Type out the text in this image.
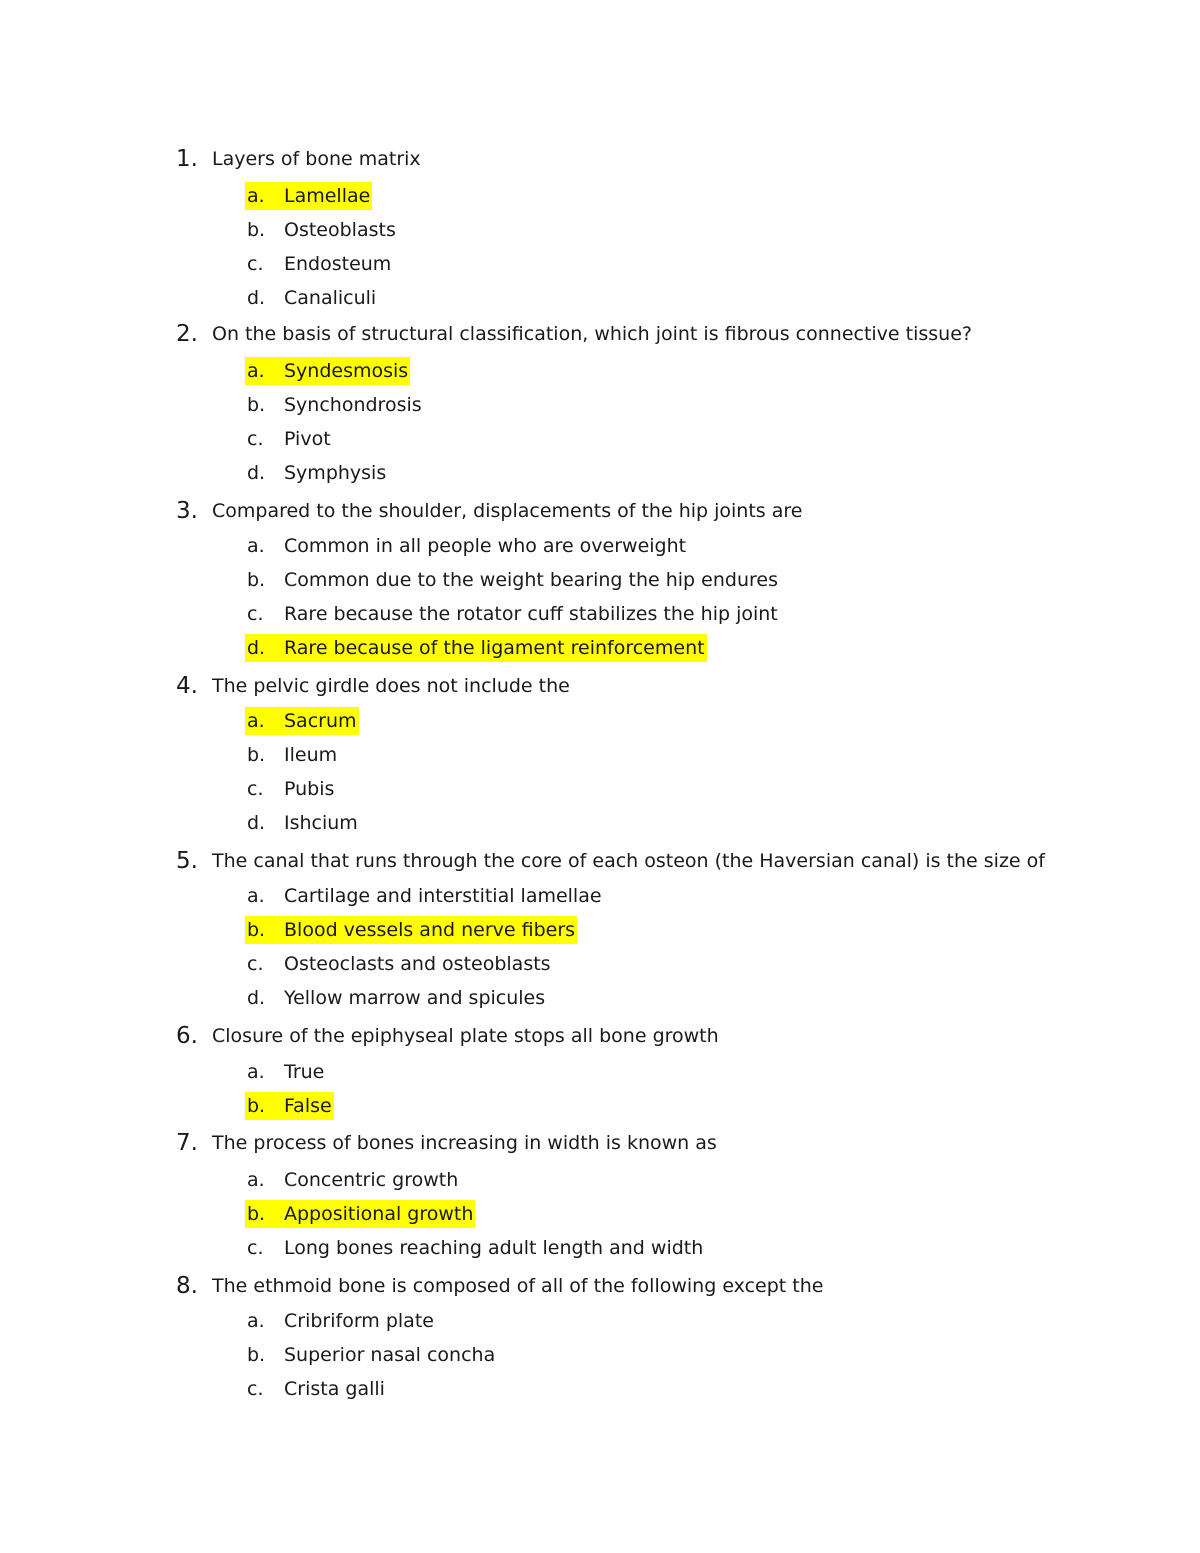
1. Layers of bone matrix
a. Lamellae
b. Osteoblasts
c. Endosteum
d. Canaliculi
2. On the basis of structural classification, which joint is fibrous connective tissue?
a. Syndesmosis
b. Synchondrosis
c. Pivot
d. Symphysis
3. Compared to the shoulder, displacements of the hip joints are
a. Common in all people who are overweight
b. Common due to the weight bearing the hip endures
c. Rare because the rotator cuff stabilizes the hip joint
d. Rare because of the ligament reinforcement
4. The pelvic girdle does not include the
a. Sacrum
b. Ileum
c. Pubis
d. Ishcium
5. The canal that runs through the core of each osteon (the Haversian canal) is the size of
a. Cartilage and interstitial lamellae
b. Blood vessels and nerve fibers
c. Osteoclasts and osteoblasts
d. Yellow marrow and spicules
6. Closure of the epiphyseal plate stops all bone growth
a. True
b. False
7. The process of bones increasing in width is known as
a. Concentric growth
b. Appositional growth
c. Long bones reaching adult length and width
8. The ethmoid bone is composed of all of the following except the
a. Cribriform plate
b. Superior nasal concha
c. Crista galli
